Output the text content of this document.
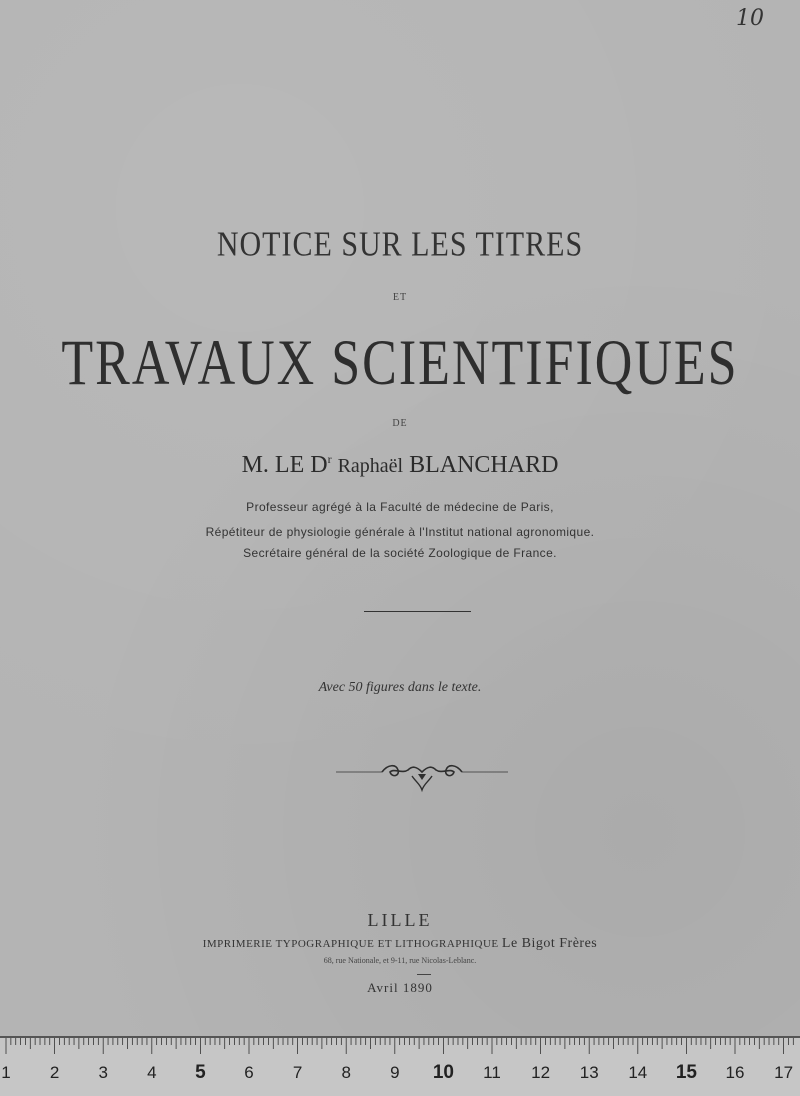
10
NOTICE SUR LES TITRES
ET
TRAVAUX SCIENTIFIQUES
DE
M. LE $D^r$ Raphaël BLANCHARD
Professeur agrégé à la Faculté de médecine de Paris,
Répétiteur de physiologie générale à l'Institut national agronomique.
Secrétaire général de la société Zoologique de France.
Avec 50 figures dans le texte.
LILLE
IMPRIMERIE TYPOGRAPHIQUE ET LITHOGRAPHIQUE Le Bigot Frères
68, rue Nationale, et 9-11, rue Nicolas-Leblanc.
Avril 1890
1 2 3 4 5 6 7 8 9 10 11 12 13 14 15 16 17
